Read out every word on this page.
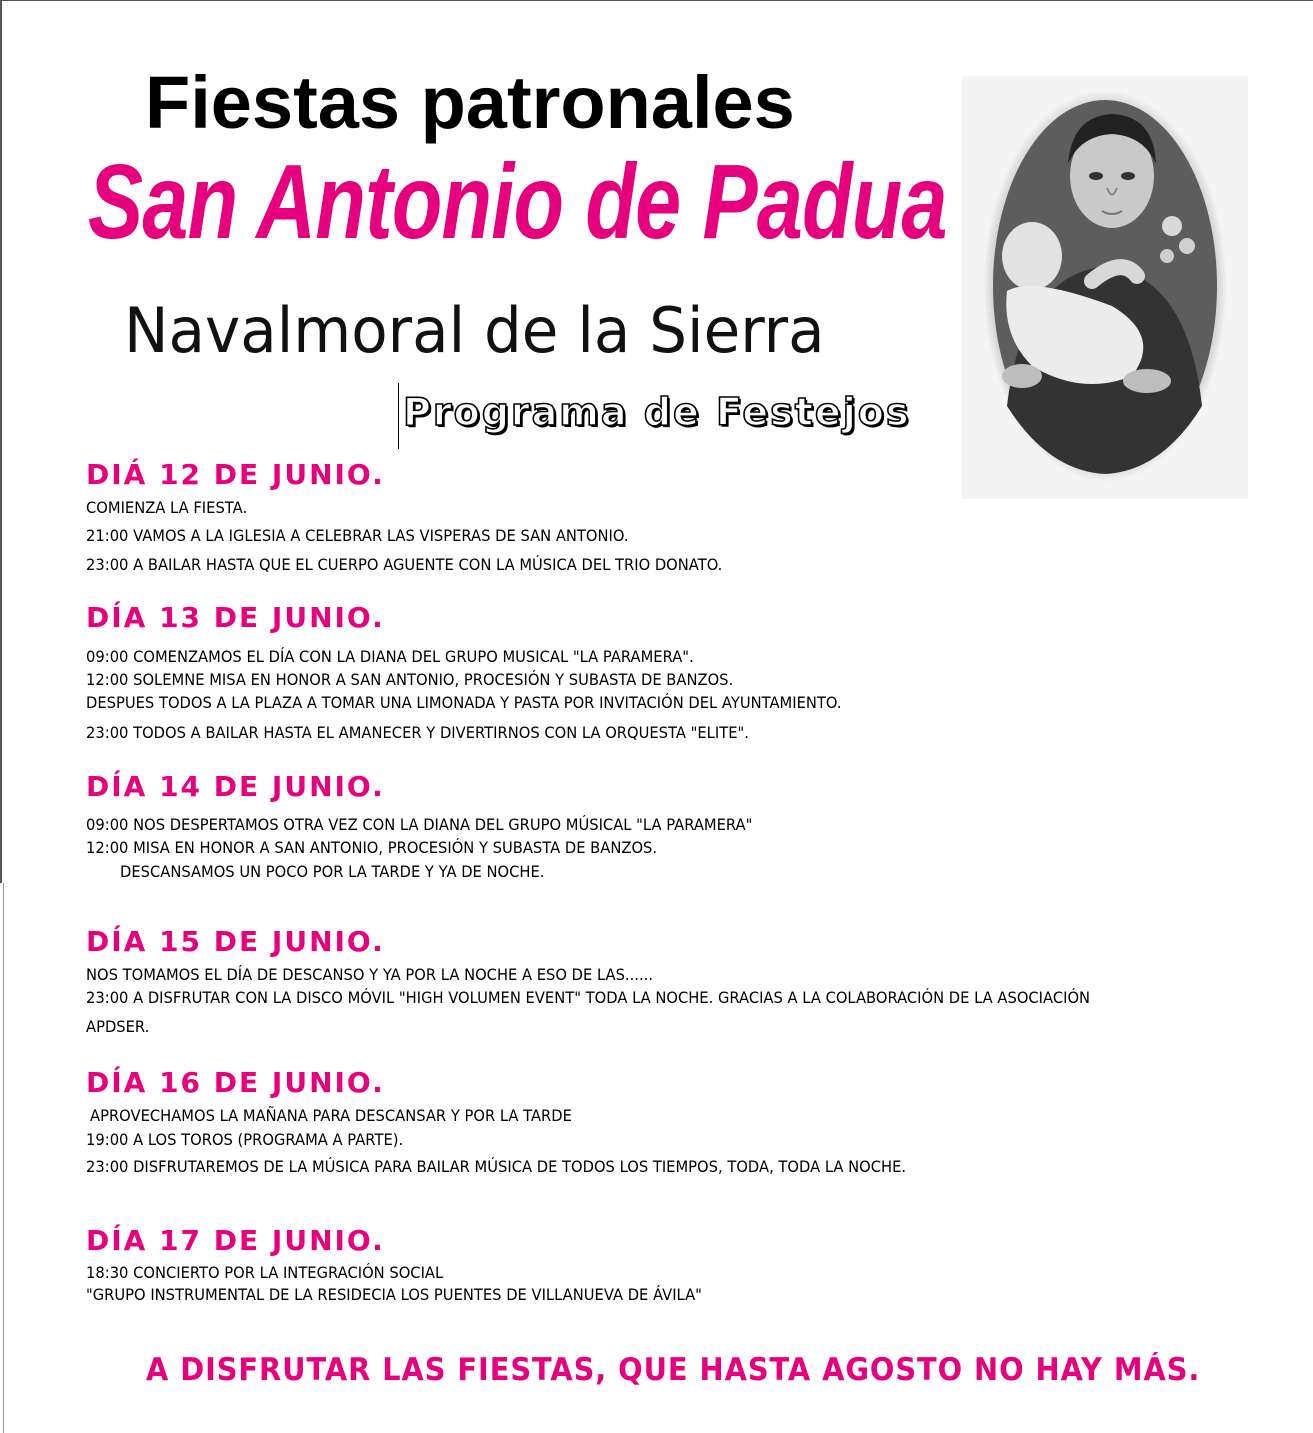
Fiestas patronales
San Antonio de Padua
Navalmoral de la Sierra
Programa de Festejos
DIÁ 12 DE JUNIO.
COMIENZA LA FIESTA.
21:00 VAMOS A LA IGLESIA A CELEBRAR LAS VISPERAS DE SAN ANTONIO.
23:00 A BAILAR HASTA QUE EL CUERPO AGUENTE CON LA MÚSICA DEL TRIO DONATO.
DÍA 13 DE JUNIO.
09:00 COMENZAMOS EL DÍA CON LA DIANA DEL GRUPO MUSICAL "LA PARAMERA".
12:00 SOLEMNE MISA EN HONOR A SAN ANTONIO, PROCESIÓN Y SUBASTA DE BANZOS.
DESPUES TODOS A LA PLAZA A TOMAR UNA LIMONADA Y PASTA POR INVITACIÓN DEL AYUNTAMIENTO.
23:00 TODOS A BAILAR HASTA EL AMANECER Y DIVERTIRNOS CON LA ORQUESTA "ELITE".
DÍA 14 DE JUNIO.
09:00 NOS DESPERTAMOS OTRA VEZ CON LA DIANA DEL GRUPO MÚSICAL "LA PARAMERA"
12:00 MISA EN HONOR A SAN ANTONIO, PROCESIÓN Y SUBASTA DE BANZOS.
DESCANSAMOS UN POCO POR LA TARDE Y YA DE NOCHE.
DÍA 15 DE JUNIO.
NOS TOMAMOS EL DÍA DE DESCANSO Y YA POR LA NOCHE A ESO DE LAS......
23:00 A DISFRUTAR CON LA DISCO MÓVIL "HIGH VOLUMEN EVENT" TODA LA NOCHE. GRACIAS A LA COLABORACIÓN DE LA ASOCIACIÓN
APDSER.
DÍA 16 DE JUNIO.
APROVECHAMOS LA MAÑANA PARA DESCANSAR Y POR LA TARDE
19:00 A LOS TOROS (PROGRAMA A PARTE).
23:00 DISFRUTAREMOS DE LA MÚSICA PARA BAILAR MÚSICA DE TODOS LOS TIEMPOS, TODA, TODA LA NOCHE.
DÍA 17 DE JUNIO.
18:30 CONCIERTO POR LA INTEGRACIÓN SOCIAL
"GRUPO INSTRUMENTAL DE LA RESIDECIA LOS PUENTES DE VILLANUEVA DE ÁVILA"
A DISFRUTAR LAS FIESTAS, QUE HASTA AGOSTO NO HAY MÁS.
